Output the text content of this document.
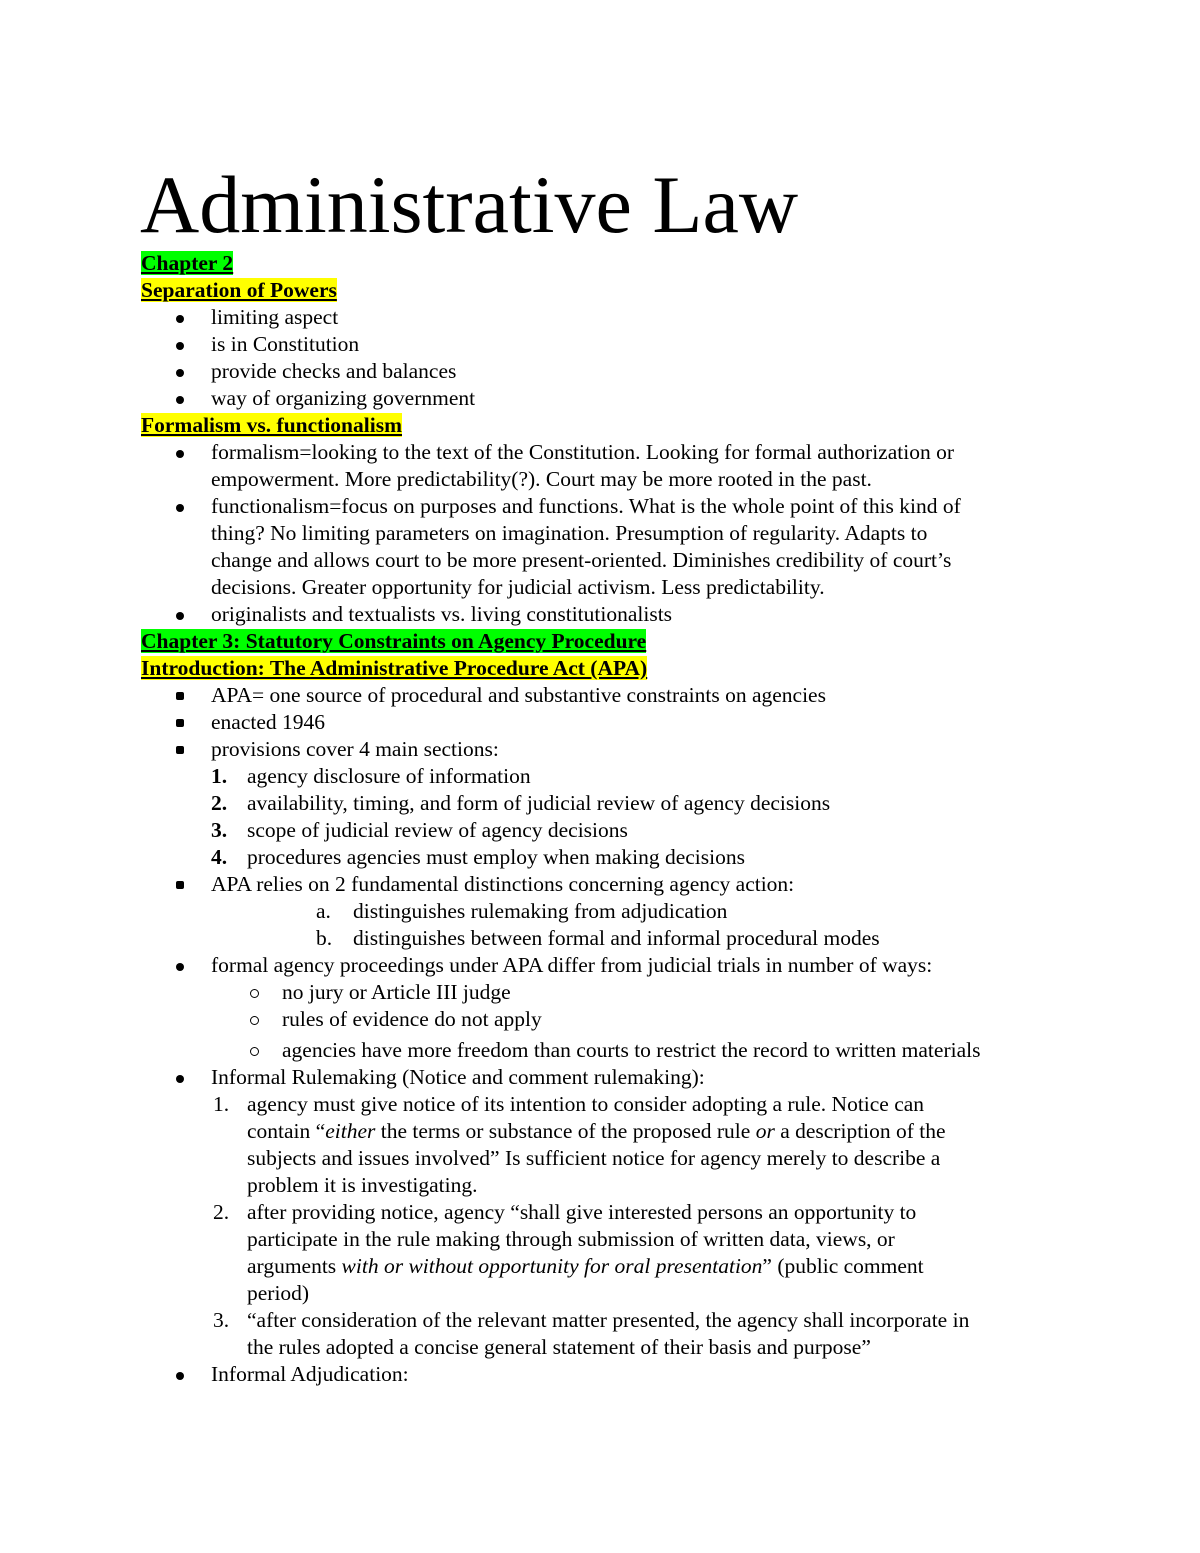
Administrative Law
Chapter 2
Separation of Powers
limiting aspect
is in Constitution
provide checks and balances
way of organizing government
Formalism vs. functionalism
formalism=looking to the text of the Constitution. Looking for formal authorization or
empowerment. More predictability(?). Court may be more rooted in the past.
functionalism=focus on purposes and functions. What is the whole point of this kind of
thing? No limiting parameters on imagination. Presumption of regularity. Adapts to
change and allows court to be more present-oriented. Diminishes credibility of court’s
decisions. Greater opportunity for judicial activism. Less predictability.
originalists and textualists vs. living constitutionalists
Chapter 3: Statutory Constraints on Agency Procedure
Introduction: The Administrative Procedure Act (APA)
APA= one source of procedural and substantive constraints on agencies
enacted 1946
provisions cover 4 main sections:
1. agency disclosure of information
2. availability, timing, and form of judicial review of agency decisions
3. scope of judicial review of agency decisions
4. procedures agencies must employ when making decisions
APA relies on 2 fundamental distinctions concerning agency action:
a. distinguishes rulemaking from adjudication
b. distinguishes between formal and informal procedural modes
formal agency proceedings under APA differ from judicial trials in number of ways:
no jury or Article III judge
rules of evidence do not apply
agencies have more freedom than courts to restrict the record to written materials
Informal Rulemaking (Notice and comment rulemaking):
1. agency must give notice of its intention to consider adopting a rule. Notice can
contain “either the terms or substance of the proposed rule or a description of the
subjects and issues involved” Is sufficient notice for agency merely to describe a
problem it is investigating.
2. after providing notice, agency “shall give interested persons an opportunity to
participate in the rule making through submission of written data, views, or
arguments with or without opportunity for oral presentation” (public comment
period)
3. “after consideration of the relevant matter presented, the agency shall incorporate in
the rules adopted a concise general statement of their basis and purpose”
Informal Adjudication:
